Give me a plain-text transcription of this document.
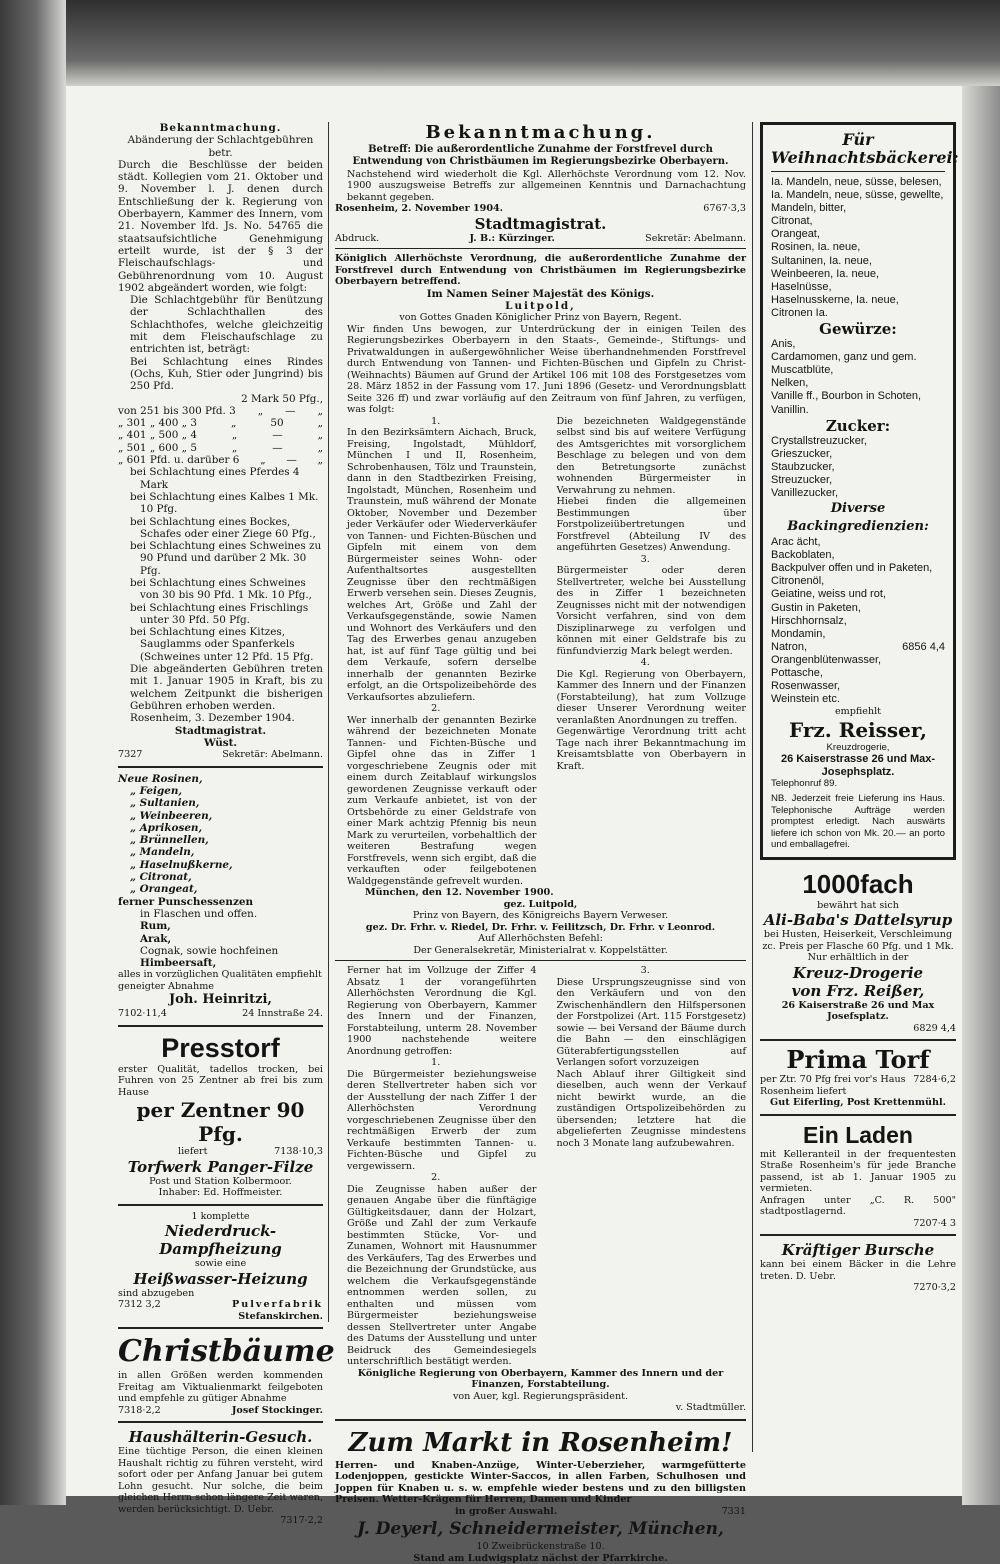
Bekanntmachung.

Abänderung der Schlachtgebühren betr.

Durch die Beschlüsse der beiden städt. Kollegien vom 21. Oktober und 9. November l. J. denen durch Entschließung der k. Regierung von Oberbayern, Kammer des Innern, vom 21. November lfd. Js. No. 54765 die staatsaufsichtliche Genehmigung erteilt wurde, ist der § 3 der Fleischaufschlags- und Gebührenordnung vom 10. August 1902 abgeändert worden, wie folgt:

Die Schlachtgebühr für Benützung der Schlachthallen des Schlachthofes, welche gleichzeitig mit dem Fleischaufschlage zu entrichten ist, beträgt:

Bei Schlachtung eines Rindes (Ochs, Kuh, Stier oder Jungrind) bis 250 Pfd.

2 Mark 50 Pfg.,

von 251 bis 300 Pfd. 3 „ — „
„ 301 „ 400 „ 3	„	50	„
„ 401 „ 500 „ 4	„	—	„
„ 501 „ 600 „ 5	„	—	„
„ 601 Pfd. u. darüber 6 „ — „

bei Schlachtung eines Pferdes 4 Mark

bei Schlachtung eines Kalbes 1 Mk. 10 Pfg.

bei Schlachtung eines Bockes, Schafes oder einer Ziege 60 Pfg.,

bei Schlachtung eines Schweines zu 90 Pfund und darüber 2 Mk. 30 Pfg.

bei Schlachtung eines Schweines von 30 bis 90 Pfd. 1 Mk. 10 Pfg.,

bei Schlachtung eines Frischlings unter 30 Pfd. 50 Pfg.

bei Schlachtung eines Kitzes, Sauglamms oder Spanferkels (Schweines unter 12 Pfd. 15 Pfg.

Die abgeänderten Gebühren treten mit 1. Januar 1905 in Kraft, bis zu welchem Zeitpunkt die bisherigen Gebühren erhoben werden.

Rosenheim, 3. Dezember 1904.

Stadtmagistrat.

Wüst.

7327	Sekretär: Abelmann.

Neue Rosinen,

„ Feigen,

„ Sultanien,

„ Weinbeeren,

„ Aprikosen,

„ Brünnellen,

„ Mandeln,

„ Haselnußkerne,

„ Citronat,

„ Orangeat,

ferner Punschessenzen

in Flaschen und offen.

Rum,

Arak,

Cognak, sowie hochfeinen

Himbeersaft,

alles in vorzüglichen Qualitäten empfiehlt geneigter Abnahme

Joh. Heinritzi,

7102·11,4	24 Innstraße 24.

Presstorf

erster Qualität, tadellos trocken, bei Fuhren von 25 Zentner ab frei bis zum Hause

per Zentner 90 Pfg.

liefert	7138·10,3

Torfwerk Panger-Filze

Post und Station Kolbermoor.

Inhaber: Ed. Hoffmeister.

1 komplette

Niederdruck-

Dampfheizung

sowie eine

Heißwasser-Heizung

sind abzugeben

7312 3,2	Pulverfabrik

Stefanskirchen.

Christbäume

in allen Größen werden kommenden Freitag am Viktualienmarkt feilgeboten und empfehle zu gütiger Abnahme

7318·2,2	Josef Stockinger.

Haushälterin-Gesuch.

Eine tüchtige Person, die einen kleinen Haushalt richtig zu führen versteht, wird sofort oder per Anfang Januar bei gutem Lohn gesucht. Nur solche, die beim gleichen Herrn schon längere Zeit waren, werden berücksichtigt. D. Uebr.

7317·2,2

Bekanntmachung.

Betreff: Die außerordentliche Zunahme der Forstfrevel durch Entwendung von Christbäumen im Regierungsbezirke Oberbayern.

Nachstehend wird wiederholt die Kgl. Allerhöchste Verordnung vom 12. Nov. 1900 auszugsweise Betreffs zur allgemeinen Kenntnis und Darnachachtung bekannt gegeben.

Rosenheim, 2. November 1904.	6767·3,3

Stadtmagistrat.

Abdruck.	J. B.: Kürzinger.	Sekretär: Abelmann.

Königlich Allerhöchste Verordnung, die außerordentliche Zunahme der Forstfrevel durch Entwendung von Christbäumen im Regierungsbezirke Oberbayern betreffend.

Im Namen Seiner Majestät des Königs.

Luitpold,

von Gottes Gnaden Königlicher Prinz von Bayern, Regent.

Wir finden Uns bewogen, zur Unterdrückung der in einigen Teilen des Regierungsbezirkes Oberbayern in den Staats-, Gemeinde-, Stiftungs- und Privatwaldungen in außergewöhnlicher Weise überhandnehmenden Forstfrevel durch Entwendung von Tannen- und Fichten-Büschen und Gipfeln zu Christ-(Weihnachts) Bäumen auf Grund der Artikel 106 mit 108 des Forstgesetzes vom 28. März 1852 in der Fassung vom 17. Juni 1896 (Gesetz- und Verordnungsblatt Seite 326 ff) und zwar vorläufig auf den Zeitraum von fünf Jahren, zu verfügen, was folgt:

1.

In den Bezirksämtern Aichach, Bruck, Freising, Ingolstadt, Mühldorf, München I und II, Rosenheim, Schrobenhausen, Tölz und Traunstein, dann in den Stadtbezirken Freising, Ingolstadt, München, Rosenheim und Traunstein, muß während der Monate Oktober, November und Dezember jeder Verkäufer oder Wiederverkäufer von Tannen- und Fichten-Büschen und Gipfeln mit einem von dem Bürgermeister seines Wohn- oder Aufenthaltsortes ausgestellten Zeugnisse über den rechtmäßigen Erwerb versehen sein. Dieses Zeugnis, welches Art, Größe und Zahl der Verkaufsgegenstände, sowie Namen und Wohnort des Verkäufers und den Tag des Erwerbes genau anzugeben hat, ist auf fünf Tage gültig und bei dem Verkaufe, sofern derselbe innerhalb der genannten Bezirke erfolgt, an die Ortspolizeibehörde des Verkaufsortes abzuliefern.

2.

Wer innerhalb der genannten Bezirke während der bezeichneten Monate Tannen- und Fichten-Büsche und Gipfel ohne das in Ziffer 1 vorgeschriebene Zeugnis oder mit einem durch Zeitablauf wirkungslos gewordenen Zeugnisse verkauft oder zum Verkaufe anbietet, ist von der Ortsbehörde zu einer Geldstrafe von einer Mark achtzig Pfennig bis neun Mark zu verurteilen, vorbehaltlich der weiteren Bestrafung wegen Forstfrevels, wenn sich ergibt, daß die verkauften oder feilgebotenen Waldgegenstände gefrevelt wurden.

Die bezeichneten Waldgegenstände selbst sind bis auf weitere Verfügung des Amtsgerichtes mit vorsorglichem Beschlage zu belegen und von dem den Betretungsorte zunächst wohnenden Bürgermeister in Verwahrung zu nehmen.

Hiebei finden die allgemeinen Bestimmungen über Forstpolizeiübertretungen und Forstfrevel (Abteilung IV des angeführten Gesetzes) Anwendung.

3.

Bürgermeister oder deren Stellvertreter, welche bei Ausstellung des in Ziffer 1 bezeichneten Zeugnisses nicht mit der notwendigen Vorsicht verfahren, sind von dem Disziplinarwege zu verfolgen und können mit einer Geldstrafe bis zu fünfundvierzig Mark belegt werden.

4.

Die Kgl. Regierung von Oberbayern, Kammer des Innern und der Finanzen (Forstabteilung), hat zum Vollzuge dieser Unserer Verordnung weiter veranlaßten Anordnungen zu treffen.

Gegenwärtige Verordnung tritt acht Tage nach ihrer Bekanntmachung im Kreisamtsblatte von Oberbayern in Kraft.

München, den 12. November 1900.

gez. Luitpold,

Prinz von Bayern, des Königreichs Bayern Verweser.

gez. Dr. Frhr. v. Riedel, Dr. Frhr. v. Feilitzsch, Dr. Frhr. v Leonrod.

Auf Allerhöchsten Befehl:

Der Generalsekretär, Ministerialrat v. Koppelstätter.

Ferner hat im Vollzuge der Ziffer 4 Absatz 1 der vorangeführten Allerhöchsten Verordnung die Kgl. Regierung von Oberbayern, Kammer des Innern und der Finanzen, Forstabteilung, unterm 28. November 1900 nachstehende weitere Anordnung getroffen:

1.

Die Bürgermeister beziehungsweise deren Stellvertreter haben sich vor der Ausstellung der nach Ziffer 1 der Allerhöchsten Verordnung vorgeschriebenen Zeugnisse über den rechtmäßigen Erwerb der zum Verkaufe bestimmten Tannen- u. Fichten-Büsche und Gipfel zu vergewissern.

2.

Die Zeugnisse haben außer der genauen Angabe über die fünftägige Gültigkeitsdauer, dann der Holzart, Größe und Zahl der zum Verkaufe bestimmten Stücke, Vor- und Zunamen, Wohnort mit Hausnummer des Verkäufers, Tag des Erwerbes und die Bezeichnung der Grundstücke, aus welchem die Verkaufsgegenstände entnommen werden sollen, zu enthalten und müssen vom Bürgermeister beziehungsweise dessen Stellvertreter unter Angabe des Datums der Ausstellung und unter Beidruck des Gemeindesiegels unterschriftlich bestätigt werden.

3.

Diese Ursprungszeugnisse sind von den Verkäufern und von den Zwischenhändlern den Hilfspersonen der Forstpolizei (Art. 115 Forstgesetz) sowie — bei Versand der Bäume durch die Bahn — den einschlägigen Güterabfertigungsstellen auf Verlangen sofort vorzuzeigen

Nach Ablauf ihrer Giltigkeit sind dieselben, auch wenn der Verkauf nicht bewirkt wurde, an die zuständigen Ortspolizeibehörden zu übersenden; letztere hat die abgelieferten Zeugnisse mindestens noch 3 Monate lang aufzubewahren.

Königliche Regierung von Oberbayern, Kammer des Innern und der Finanzen, Forstabteilung.

von Auer, kgl. Regierungspräsident.

v. Stadtmüller.

Zum Markt in Rosenheim!

Herren- und Knaben-Anzüge, Winter-Ueberzieher, warmgefütterte Lodenjoppen, gestickte Winter-Saccos, in allen Farben, Schulhosen und Joppen für Knaben u. s. w. empfehle wieder bestens und zu den billigsten Preisen. Wetter-Krägen für Herren, Damen und Kinder

in großer Auswahl.	7331

J. Deyerl, Schneidermeister, München,

10 Zweibrückenstraße 10.

Stand am Ludwigsplatz nächst der Pfarrkirche.

Für Weihnachtsbäckerei:

Ia. Mandeln, neue, süsse, belesen,

Ia. Mandeln, neue, süsse, gewellte,

Mandeln, bitter,

Citronat,

Orangeat,

Rosinen, Ia. neue,

Sultaninen, Ia. neue,

Weinbeeren, Ia. neue,

Haselnüsse,

Haselnusskerne, Ia. neue,

Citronen Ia.

Gewürze:

Anis,

Cardamomen, ganz und gem.

Muscatblüte,

Nelken,

Vanille ff., Bourbon in Schoten,

Vanillin.

Zucker:

Crystallstreuzucker,

Grieszucker,

Staubzucker,

Streuzucker,

Vanillezucker,

Diverse Backingredienzien:

Arac ächt,

Backoblaten,

Backpulver offen und in Paketen,

Citronenöl,

Geiatine, weiss und rot,

Gustin in Paketen,

Hirschhornsalz,

Mondamin,

Natron,	6856 4,4

Orangenblütenwasser,

Pottasche,

Rosenwasser,

Weinstein etc.

empfiehlt

Frz. Reisser,

Kreuzdrogerie,

26 Kaiserstrasse 26 und Max-Josephsplatz.

Telephonruf 89.

NB. Jederzeit freie Lieferung ins Haus. Telephonische Aufträge werden promptest erledigt. Nach auswärts liefere ich schon von Mk. 20.— an porto und emballagefrei.

1000fach

bewährt hat sich

Ali-Baba's Dattelsyrup

bei Husten, Heiserkeit, Verschleimung zc. Preis per Flasche 60 Pfg. und 1 Mk. Nur erhältlich in der

Kreuz-Drogerie

von Frz. Reißer,

26 Kaiserstraße 26 und Max Josefsplatz.

6829 4,4

Prima Torf

per Ztr. 70 Pfg frei vor's Haus Rosenheim liefert
7284·6,2

Gut Eiferling, Post Krettenmühl.

Ein Laden

mit Kelleranteil in der frequentesten Straße Rosenheim's für jede Branche passend, ist ab 1. Januar 1905 zu vermieten.

Anfragen unter „C. R. 500" stadtpostlagernd.

7207·4 3

Kräftiger Bursche

kann bei einem Bäcker in die Lehre treten. D. Uebr.

7270·3,2
